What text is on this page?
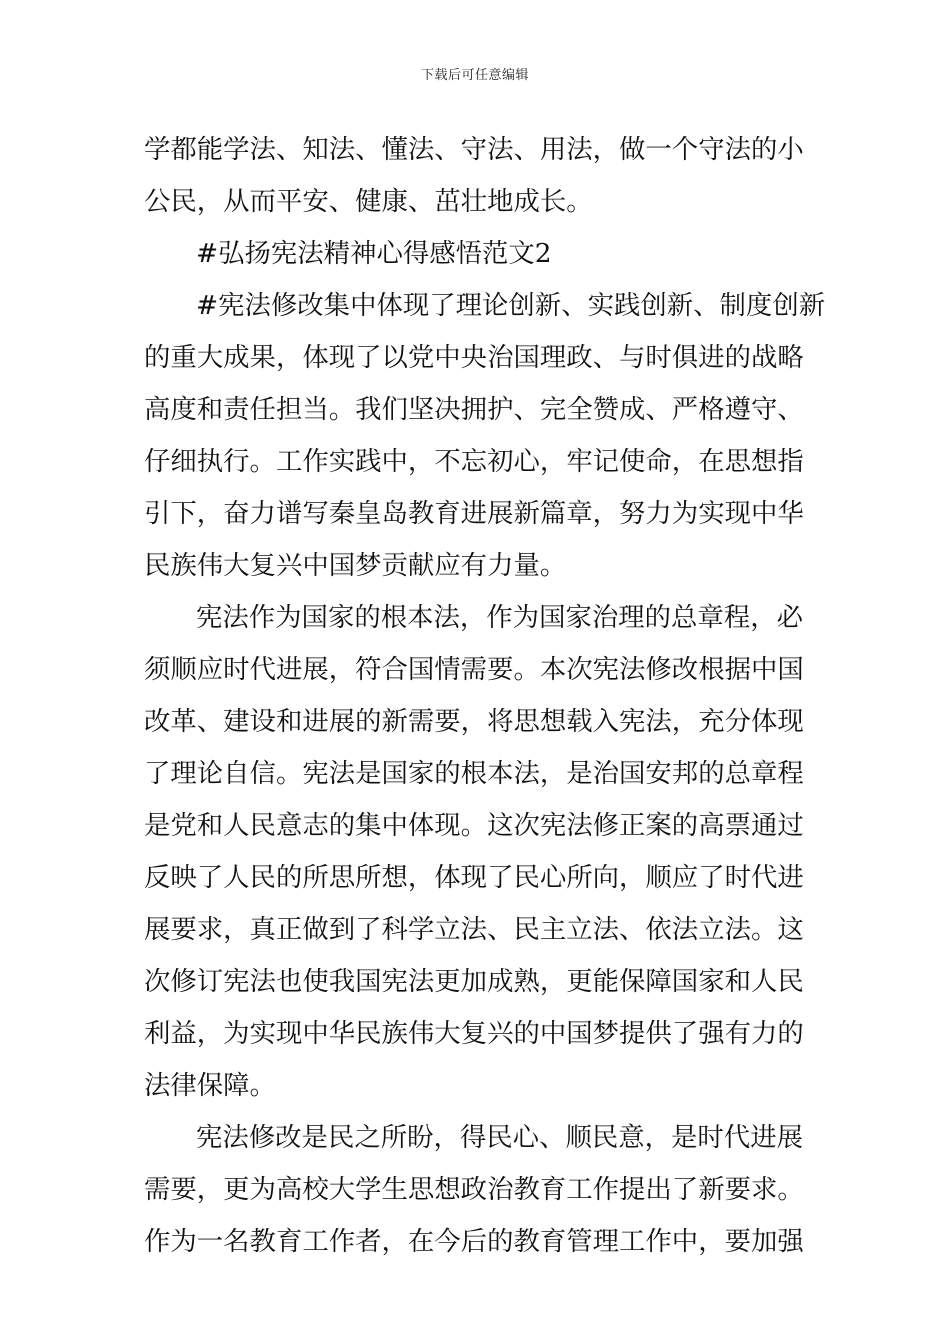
下载后可任意编辑
学都能学法、知法、懂法、守法、用法，做一个守法的小
公民，从而平安、健康、茁壮地成长。
#弘扬宪法精神心得感悟范文2
#宪法修改集中体现了理论创新、实践创新、制度创新
的重大成果，体现了以党中央治国理政、与时俱进的战略
高度和责任担当。我们坚决拥护、完全赞成、严格遵守、
仔细执行。工作实践中，不忘初心，牢记使命，在思想指
引下，奋力谱写秦皇岛教育进展新篇章，努力为实现中华
民族伟大复兴中国梦贡献应有力量。
宪法作为国家的根本法，作为国家治理的总章程，必
须顺应时代进展，符合国情需要。本次宪法修改根据中国
改革、建设和进展的新需要，将思想载入宪法，充分体现
了理论自信。宪法是国家的根本法，是治国安邦的总章程
是党和人民意志的集中体现。这次宪法修正案的高票通过
反映了人民的所思所想，体现了民心所向，顺应了时代进
展要求，真正做到了科学立法、民主立法、依法立法。这
次修订宪法也使我国宪法更加成熟，更能保障国家和人民
利益，为实现中华民族伟大复兴的中国梦提供了强有力的
法律保障。
宪法修改是民之所盼，得民心、顺民意，是时代进展
需要，更为高校大学生思想政治教育工作提出了新要求。
作为一名教育工作者，在今后的教育管理工作中，要加强
